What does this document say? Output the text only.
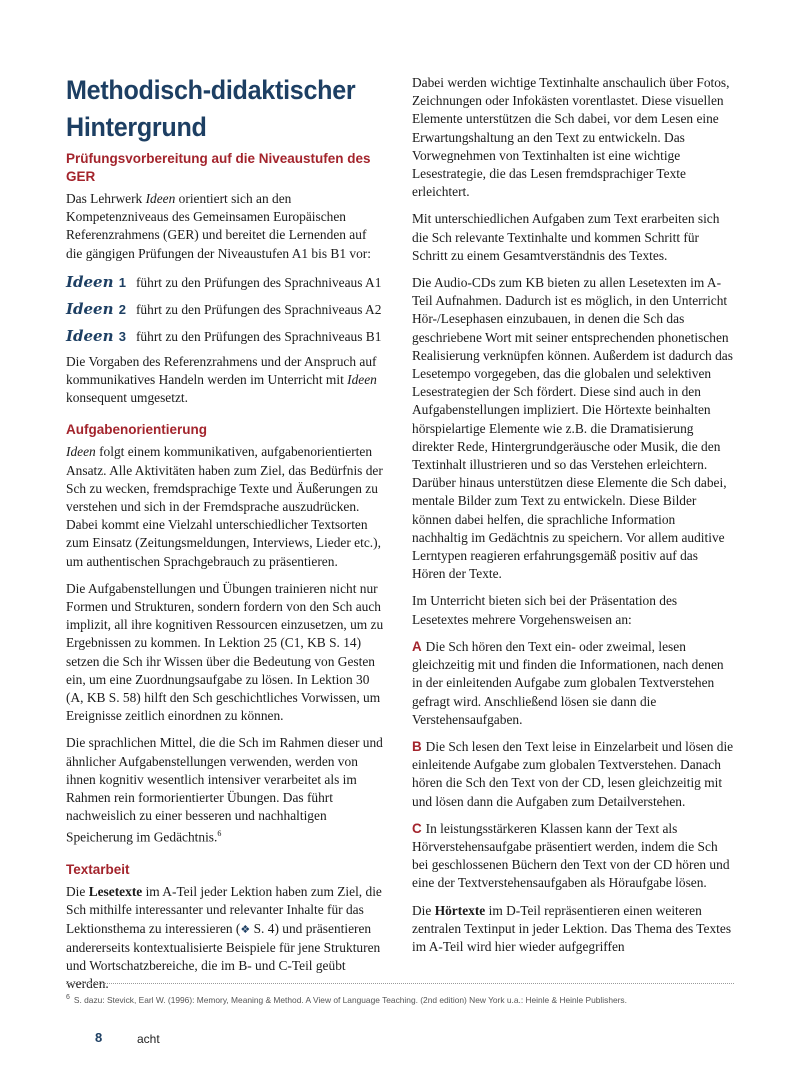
Methodisch-didaktischer Hintergrund
Prüfungsvorbereitung auf die Niveaustufen des GER

Das Lehrwerk Ideen orientiert sich an den Kompetenzniveaus des Gemeinsamen Europäischen Referenzrahmens (GER) und bereitet die Lernenden auf die gängigen Prüfungen der Niveaustufen A1 bis B1 vor:

Ideen 1 führt zu den Prüfungen des Sprachniveaus A1
Ideen 2 führt zu den Prüfungen des Sprachniveaus A2
Ideen 3 führt zu den Prüfungen des Sprachniveaus B1

Die Vorgaben des Referenzrahmens und der Anspruch auf kommunikatives Handeln werden im Unterricht mit Ideen konsequent umgesetzt.

Aufgabenorientierung

Ideen folgt einem kommunikativen, aufgabenorientierten Ansatz. Alle Aktivitäten haben zum Ziel, das Bedürfnis der Sch zu wecken, fremdsprachige Texte und Äußerungen zu verstehen und sich in der Fremdsprache auszudrücken. Dabei kommt eine Vielzahl unterschiedlicher Textsorten zum Einsatz (Zeitungsmeldungen, Interviews, Lieder etc.), um authentischen Sprachgebrauch zu präsentieren.

Die Aufgabenstellungen und Übungen trainieren nicht nur Formen und Strukturen, sondern fordern von den Sch auch implizit, all ihre kognitiven Ressourcen einzusetzen, um zu Ergebnissen zu kommen. In Lektion 25 (C1, KB S. 14) setzen die Sch ihr Wissen über die Bedeutung von Gesten ein, um eine Zuordnungsaufgabe zu lösen. In Lektion 30 (A, KB S. 58) hilft den Sch geschichtliches Vorwissen, um Ereignisse zeitlich einordnen zu können.

Die sprachlichen Mittel, die die Sch im Rahmen dieser und ähnlicher Aufgabenstellungen verwenden, werden von ihnen kognitiv wesentlich intensiver verarbeitet als im Rahmen rein formorientierter Übungen. Das führt nachweislich zu einer besseren und nachhaltigen Speicherung im Gedächtnis.$^6$

Textarbeit

Die Lesetexte im A-Teil jeder Lektion haben zum Ziel, die Sch mithilfe interessanter und relevanter Inhalte für das Lektionsthema zu interessieren (❖ S. 4) und präsentieren andererseits kontextualisierte Beispiele für jene Strukturen und Wortschatzbereiche, die im B- und C-Teil geübt werden.

Dabei werden wichtige Textinhalte anschaulich über Fotos, Zeichnungen oder Infokästen vorentlastet. Diese visuellen Elemente unterstützen die Sch dabei, vor dem Lesen eine Erwartungshaltung an den Text zu entwickeln. Das Vorwegnehmen von Textinhalten ist eine wichtige Lesestrategie, die das Lesen fremdsprachiger Texte erleichtert.

Mit unterschiedlichen Aufgaben zum Text erarbeiten sich die Sch relevante Textinhalte und kommen Schritt für Schritt zu einem Gesamtverständnis des Textes.

Die Audio-CDs zum KB bieten zu allen Lesetexten im A-Teil Aufnahmen. Dadurch ist es möglich, in den Unterricht Hör-/Lesephasen einzubauen, in denen die Sch das geschriebene Wort mit seiner entsprechenden phonetischen Realisierung verknüpfen können. Außerdem ist dadurch das Lesetempo vorgegeben, das die globalen und selektiven Lesestrategien der Sch fördert. Diese sind auch in den Aufgabenstellungen impliziert. Die Hörtexte beinhalten hörspielartige Elemente wie z.B. die Dramatisierung direkter Rede, Hintergrundgeräusche oder Musik, die den Textinhalt illustrieren und so das Verstehen erleichtern. Darüber hinaus unterstützen diese Elemente die Sch dabei, mentale Bilder zum Text zu entwickeln. Diese Bilder können dabei helfen, die sprachliche Information nachhaltig im Gedächtnis zu speichern. Vor allem auditive Lerntypen reagieren erfahrungsgemäß positiv auf das Hören der Texte.

Im Unterricht bieten sich bei der Präsentation des Lesetextes mehrere Vorgehensweisen an:

A Die Sch hören den Text ein- oder zweimal, lesen gleichzeitig mit und finden die Informationen, nach denen in der einleitenden Aufgabe zum globalen Textverstehen gefragt wird. Anschließend lösen sie dann die Verstehensaufgaben.

B Die Sch lesen den Text leise in Einzelarbeit und lösen die einleitende Aufgabe zum globalen Textverstehen. Danach hören die Sch den Text von der CD, lesen gleichzeitig mit und lösen dann die Aufgaben zum Detailverstehen.

C In leistungsstärkeren Klassen kann der Text als Hörverstehensaufgabe präsentiert werden, indem die Sch bei geschlossenen Büchern den Text von der CD hören und eine der Textverstehensaufgaben als Höraufgabe lösen.

Die Hörtexte im D-Teil repräsentieren einen weiteren zentralen Textinput in jeder Lektion. Das Thema des Textes im A-Teil wird hier wieder aufgegriffen

$^6$ S. dazu: Stevick, Earl W. (1996): Memory, Meaning & Method. A View of Language Teaching. (2nd edition) New York u.a.: Heinle & Heinle Publishers.
8	acht
